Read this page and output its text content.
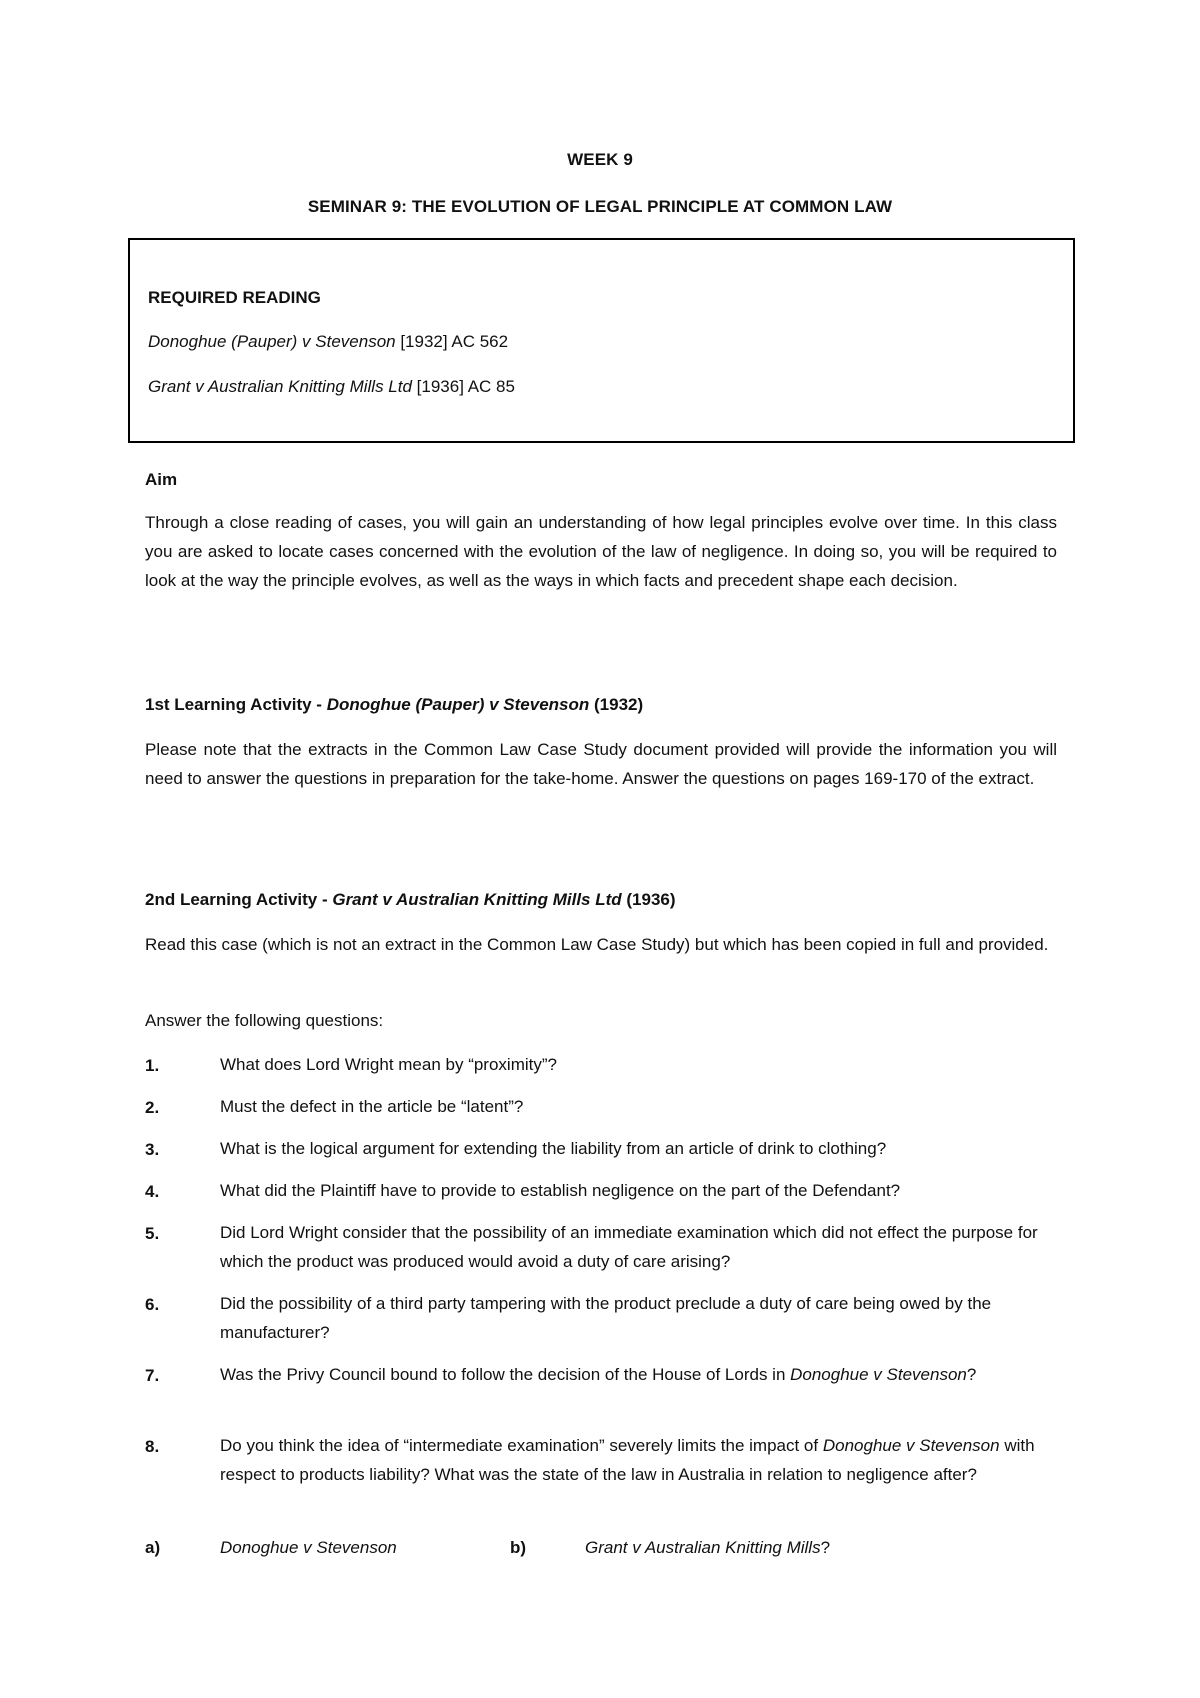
WEEK 9
SEMINAR 9: THE EVOLUTION OF LEGAL PRINCIPLE AT COMMON LAW
REQUIRED READING
Donoghue (Pauper) v Stevenson [1932] AC 562
Grant v Australian Knitting Mills Ltd [1936] AC 85
Aim

Through a close reading of cases, you will gain an understanding of how legal principles evolve over time. In this class you are asked to locate cases concerned with the evolution of the law of negligence. In doing so, you will be required to look at the way the principle evolves, as well as the ways in which facts and precedent shape each decision.

1st Learning Activity - Donoghue (Pauper) v Stevenson (1932)

Please note that the extracts in the Common Law Case Study document provided will provide the information you will need to answer the questions in preparation for the take-home. Answer the questions on pages 169-170 of the extract.

2nd Learning Activity - Grant v Australian Knitting Mills Ltd (1936)

Read this case (which is not an extract in the Common Law Case Study) but which has been copied in full and provided.

Answer the following questions:

1.	What does Lord Wright mean by “proximity”?

2.	Must the defect in the article be “latent”?

3.	What is the logical argument for extending the liability from an article of drink to clothing?

4.	What did the Plaintiff have to provide to establish negligence on the part of the Defendant?

5.	Did Lord Wright consider that the possibility of an immediate examination which did not effect the purpose for which the product was produced would avoid a duty of care arising?

6.	Did the possibility of a third party tampering with the product preclude a duty of care being owed by the manufacturer?

7.	Was the Privy Council bound to follow the decision of the House of Lords in Donoghue v Stevenson?

8.	Do you think the idea of “intermediate examination” severely limits the impact of Donoghue v Stevenson with respect to products liability? What was the state of the law in Australia in relation to negligence after?

a)	Donoghue v Stevenson	b)	Grant v Australian Knitting Mills?
